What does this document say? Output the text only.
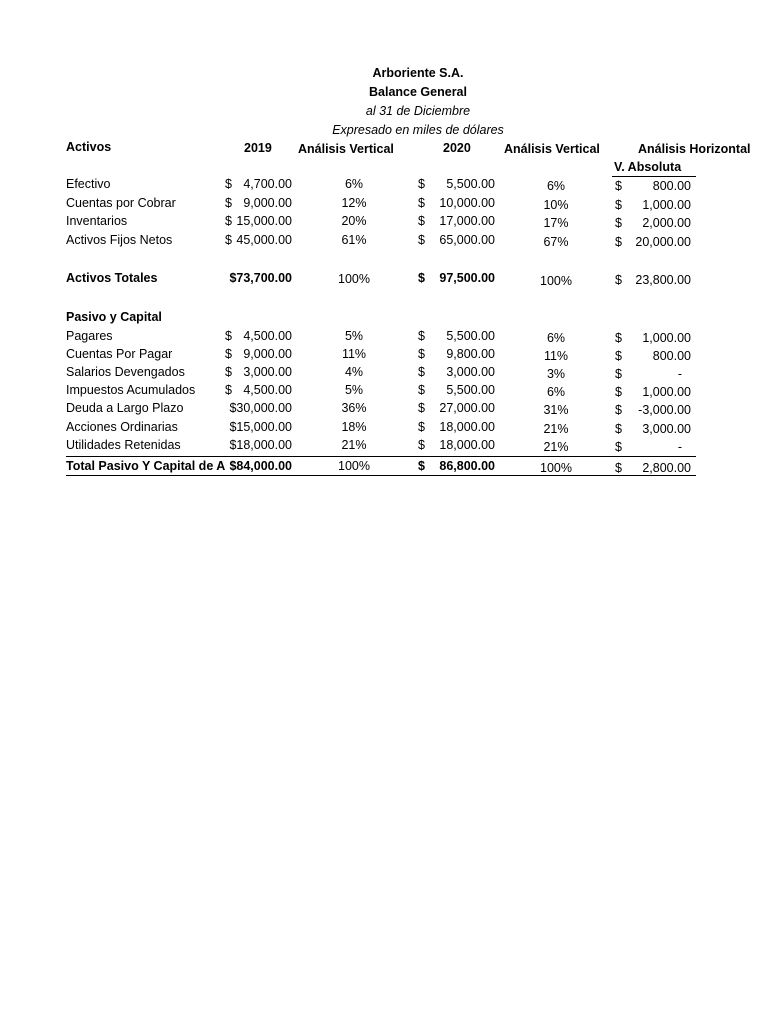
Arboriente S.A.
Balance General
al 31 de Diciembre
Expresado en miles de dólares
Activos	2019 Análisis Vertical	2020	Análisis Vertical	Análisis Horizontal
V. Absoluta
Efectivo	$ 4,700.00	6%	$	5,500.00	6%	$	800.00
Cuentas por Cobrar	$ 9,000.00	12%	$	10,000.00	10%	$	1,000.00
Inventarios	$ 15,000.00	20%	$	17,000.00	17%	$	2,000.00
Activos Fijos Netos	$ 45,000.00	61%	$	65,000.00	67%	$	20,000.00
Activos Totales	$73,700.00	100%	$	97,500.00	100%	$	23,800.00
Pasivo y Capital
Pagares	$ 4,500.00	5%	$	5,500.00	6%	$	1,000.00
Cuentas Por Pagar	$ 9,000.00	11%	$	9,800.00	11%	$	800.00
Salarios Devengados	$ 3,000.00	4%	$	3,000.00	3%	$	-
Impuestos Acumulados $ 4,500.00	5%	$	5,500.00	6%	$	1,000.00
Deuda a Largo Plazo	$30,000.00	36%	$	27,000.00	31%	$	-3,000.00
Acciones Ordinarias	$15,000.00	18%	$	18,000.00	21%	$	3,000.00
Utilidades Retenidas	$18,000.00	21%	$	18,000.00	21%	$	-
Total Pasivo Y Capital de A $84,000.00	100%	$	86,800.00	100%	$	2,800.00
